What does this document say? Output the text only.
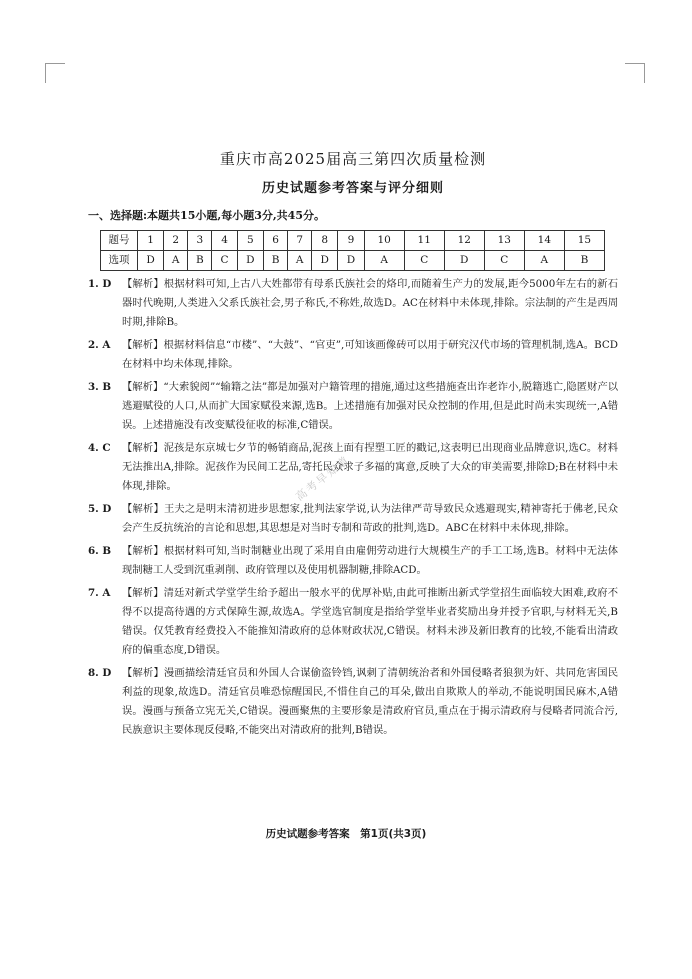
高考早知道
重庆市高2025届高三第四次质量检测
历史试题参考答案与评分细则
一、选择题:本题共15小题,每小题3分,共45分。
题号	1	2	3	4	5	6	7	8	9	10	11	12	13	14	15
选项	D	A	B	C	D	B	A	D	D	A	C	D	C	A	B
1. D	【解析】根据材料可知,上古八大姓都带有母系氏族社会的烙印,而随着生产力的发展,距今5000年左右的新石器时代晚期,人类进入父系氏族社会,男子称氏,不称姓,故选D。AC在材料中未体现,排除。宗法制的产生是西周时期,排除B。
2. A	【解析】根据材料信息“市楼”、“大鼓”、“官吏”,可知该画像砖可以用于研究汉代市场的管理机制,选A。BCD在材料中均未体现,排除。
3. B	【解析】“大索貌阅”“输籍之法”都是加强对户籍管理的措施,通过这些措施查出诈老诈小,脱籍逃亡,隐匿财产以逃避赋役的人口,从而扩大国家赋役来源,选B。上述措施有加强对民众控制的作用,但是此时尚未实现统一,A错误。上述措施没有改变赋役征收的标准,C错误。
4. C	【解析】泥孩是东京城七夕节的畅销商品,泥孩上面有捏塑工匠的戳记,这表明已出现商业品牌意识,选C。材料无法推出A,排除。泥孩作为民间工艺品,寄托民众求子多福的寓意,反映了大众的审美需要,排除D;B在材料中未体现,排除。
5. D	【解析】王夫之是明末清初进步思想家,批判法家学说,认为法律严苛导致民众逃避现实,精神寄托于佛老,民众会产生反抗统治的言论和思想,其思想是对当时专制和苛政的批判,选D。ABC在材料中未体现,排除。
6. B	【解析】根据材料可知,当时制糖业出现了采用自由雇佣劳动进行大规模生产的手工工场,选B。材料中无法体现制糖工人受到沉重剥削、政府管理以及使用机器制糖,排除ACD。
7. A	【解析】清廷对新式学堂学生给予超出一般水平的优厚补贴,由此可推断出新式学堂招生面临较大困难,政府不得不以提高待遇的方式保障生源,故选A。学堂选官制度是指给学堂毕业者奖励出身并授予官职,与材料无关,B错误。仅凭教育经费投入不能推知清政府的总体财政状况,C错误。材料未涉及新旧教育的比较,不能看出清政府的偏重态度,D错误。
8. D	【解析】漫画描绘清廷官员和外国人合谋偷盗铃铛,讽刺了清朝统治者和外国侵略者狼狈为奸、共同危害国民利益的现象,故选D。清廷官员唯恐惊醒国民,不惜住自己的耳朵,做出自欺欺人的举动,不能说明国民麻木,A错误。漫画与预备立宪无关,C错误。漫画聚焦的主要形象是清政府官员,重点在于揭示清政府与侵略者同流合污,民族意识主要体现反侵略,不能突出对清政府的批判,B错误。
历史试题参考答案　第1页(共3页)
